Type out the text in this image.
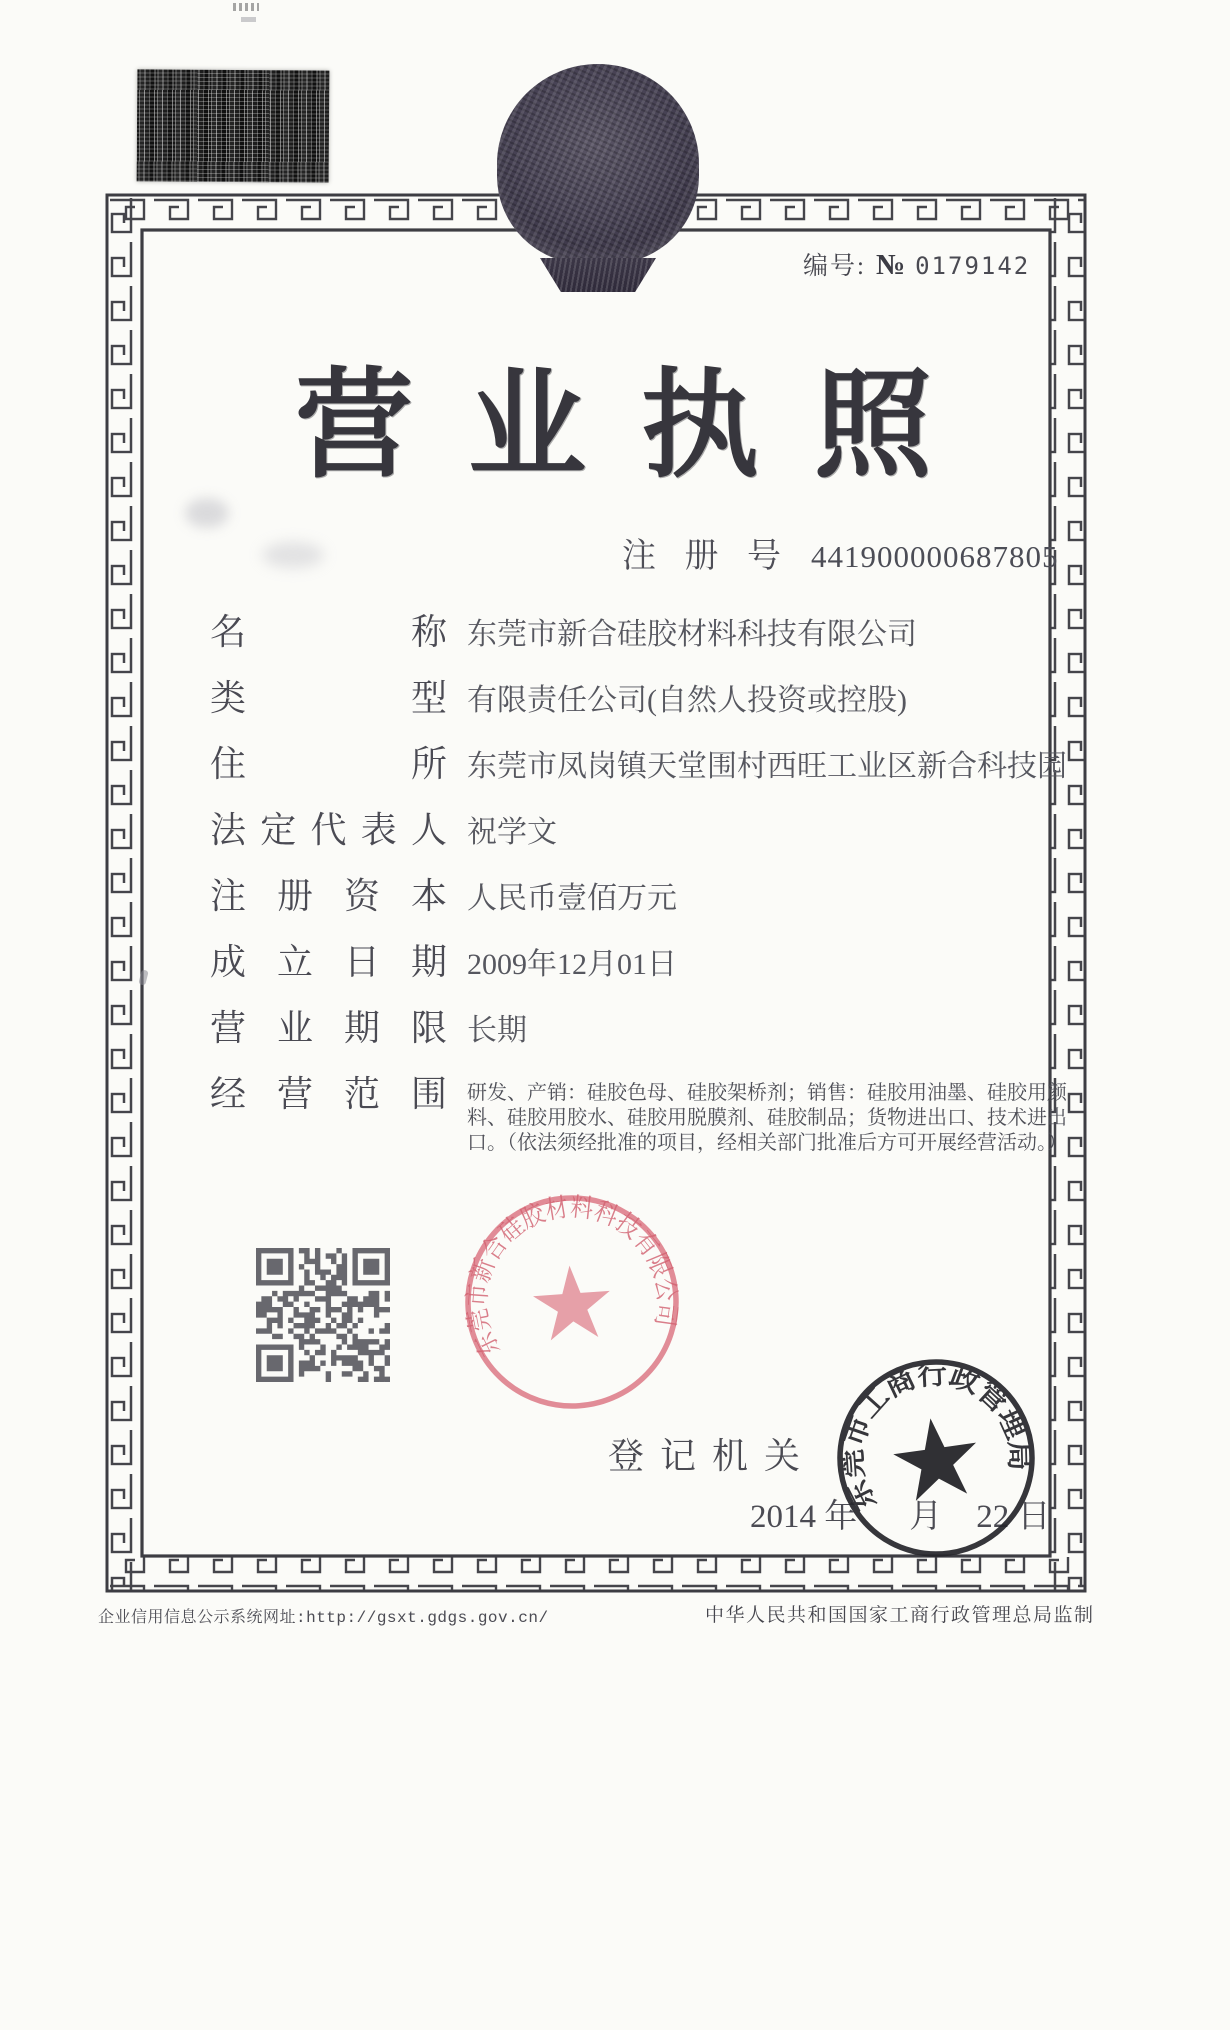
编号: № 0179142
营业执照
注 册 号 441900000687805
名	称 东莞市新合硅胶材料科技有限公司
类	型 有限责任公司(自然人投资或控股)
住	所 东莞市凤岗镇天堂围村西旺工业区新合科技园
法 定 代 表 人 祝学文
注 册 资 本 人民币壹佰万元
成 立 日 期 2009年12月01日
营 业 期 限 长期
经 营 范 围 研发、产销：硅胶色母、硅胶架桥剂；销售：硅胶用油墨、硅胶用颜料、硅胶用胶水、硅胶用脱膜剂、硅胶制品；货物进出口、技术进出口。（依法须经批准的项目，经相关部门批准后方可开展经营活动。）
东莞市新合硅胶材料科技有限公司
登记机关
2014 年 月 22 日
东莞市工商行政管理局
企业信用信息公示系统网址:http://gsxt.gdgs.gov.cn/	中华人民共和国国家工商行政管理总局监制
